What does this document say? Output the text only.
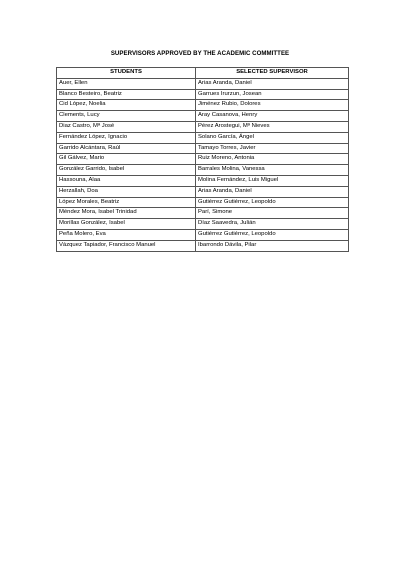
SUPERVISORS APPROVED BY THE ACADEMIC COMMITTEE
STUDENTS	SELECTED SUPERVISOR
Auer, Ellen	Arias Aranda, Daniel
Blanco Besteiro, Beatriz	Garrues Irurzun, Josean
Cid López, Noelia	Jiménez Rubio, Dolores
Clements, Lucy	Aray Casanova, Henry
Diaz Castro, Mª José	Pérez Arostegui, Mª Nieves
Fernández López, Ignacio	Solano García, Ángel
Garrido Alcántara, Raúl	Tamayo Torres, Javier
Gil Gálvez, Mario	Ruiz Moreno, Antonia
González Garrido, Isabel	Barrales Molina, Vanessa
Hassouna, Alaa	Molina Fernández, Luis Miguel
Herzallah, Doa	Arias Aranda, Daniel
López Morales, Beatriz	Gutiérrez Gutiérrez, Leopoldo
Méndez Mora, Isabel Trinidad	Parí, Simone
Morillas González, Isabel	Díaz Saavedra, Julián
Peña Molero, Eva	Gutiérrez Gutiérrez, Leopoldo
Vázquez Tapiador, Francisco Manuel	Ibarrondo Dávila, Pilar
